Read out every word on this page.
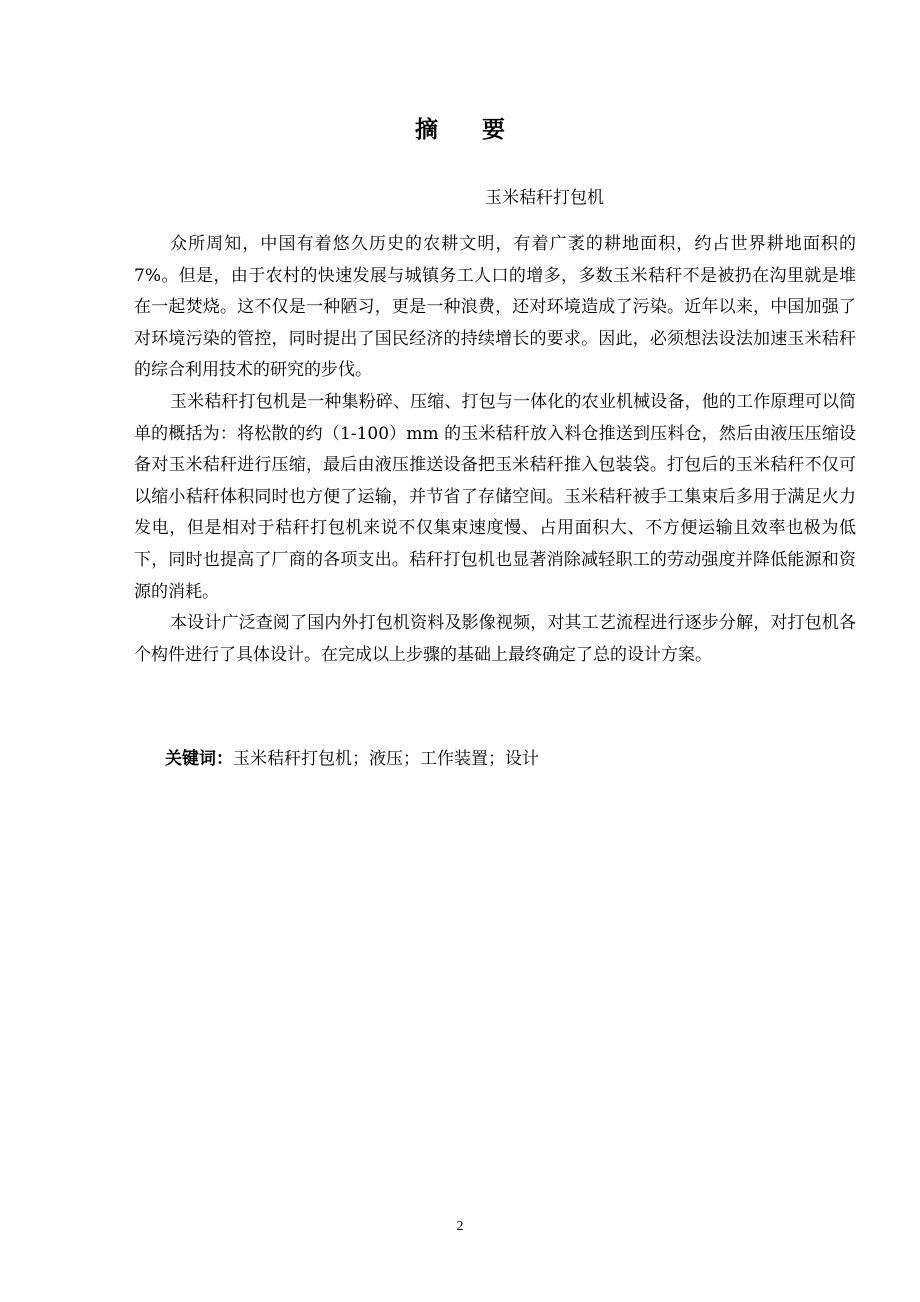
摘 要
玉米秸秆打包机

众所周知，中国有着悠久历史的农耕文明，有着广袤的耕地面积，约占世界耕地面积的 7%。但是，由于农村的快速发展与城镇务工人口的增多，多数玉米秸秆不是被扔在沟里就是堆在一起焚烧。这不仅是一种陋习，更是一种浪费，还对环境造成了污染。近年以来，中国加强了对环境污染的管控，同时提出了国民经济的持续增长的要求。因此，必须想法设法加速玉米秸秆的综合利用技术的研究的步伐。

玉米秸秆打包机是一种集粉碎、压缩、打包与一体化的农业机械设备，他的工作原理可以简单的概括为：将松散的约（1-100）mm 的玉米秸秆放入料仓推送到压料仓，然后由液压压缩设备对玉米秸秆进行压缩，最后由液压推送设备把玉米秸秆推入包装袋。打包后的玉米秸秆不仅可以缩小秸秆体积同时也方便了运输，并节省了存储空间。玉米秸秆被手工集束后多用于满足火力发电，但是相对于秸秆打包机来说不仅集束速度慢、占用面积大、不方便运输且效率也极为低下，同时也提高了厂商的各项支出。秸秆打包机也显著消除减轻职工的劳动强度并降低能源和资源的消耗。

本设计广泛查阅了国内外打包机资料及影像视频，对其工艺流程进行逐步分解，对打包机各个构件进行了具体设计。在完成以上步骤的基础上最终确定了总的设计方案。

关键词：玉米秸秆打包机；液压；工作装置；设计
2
